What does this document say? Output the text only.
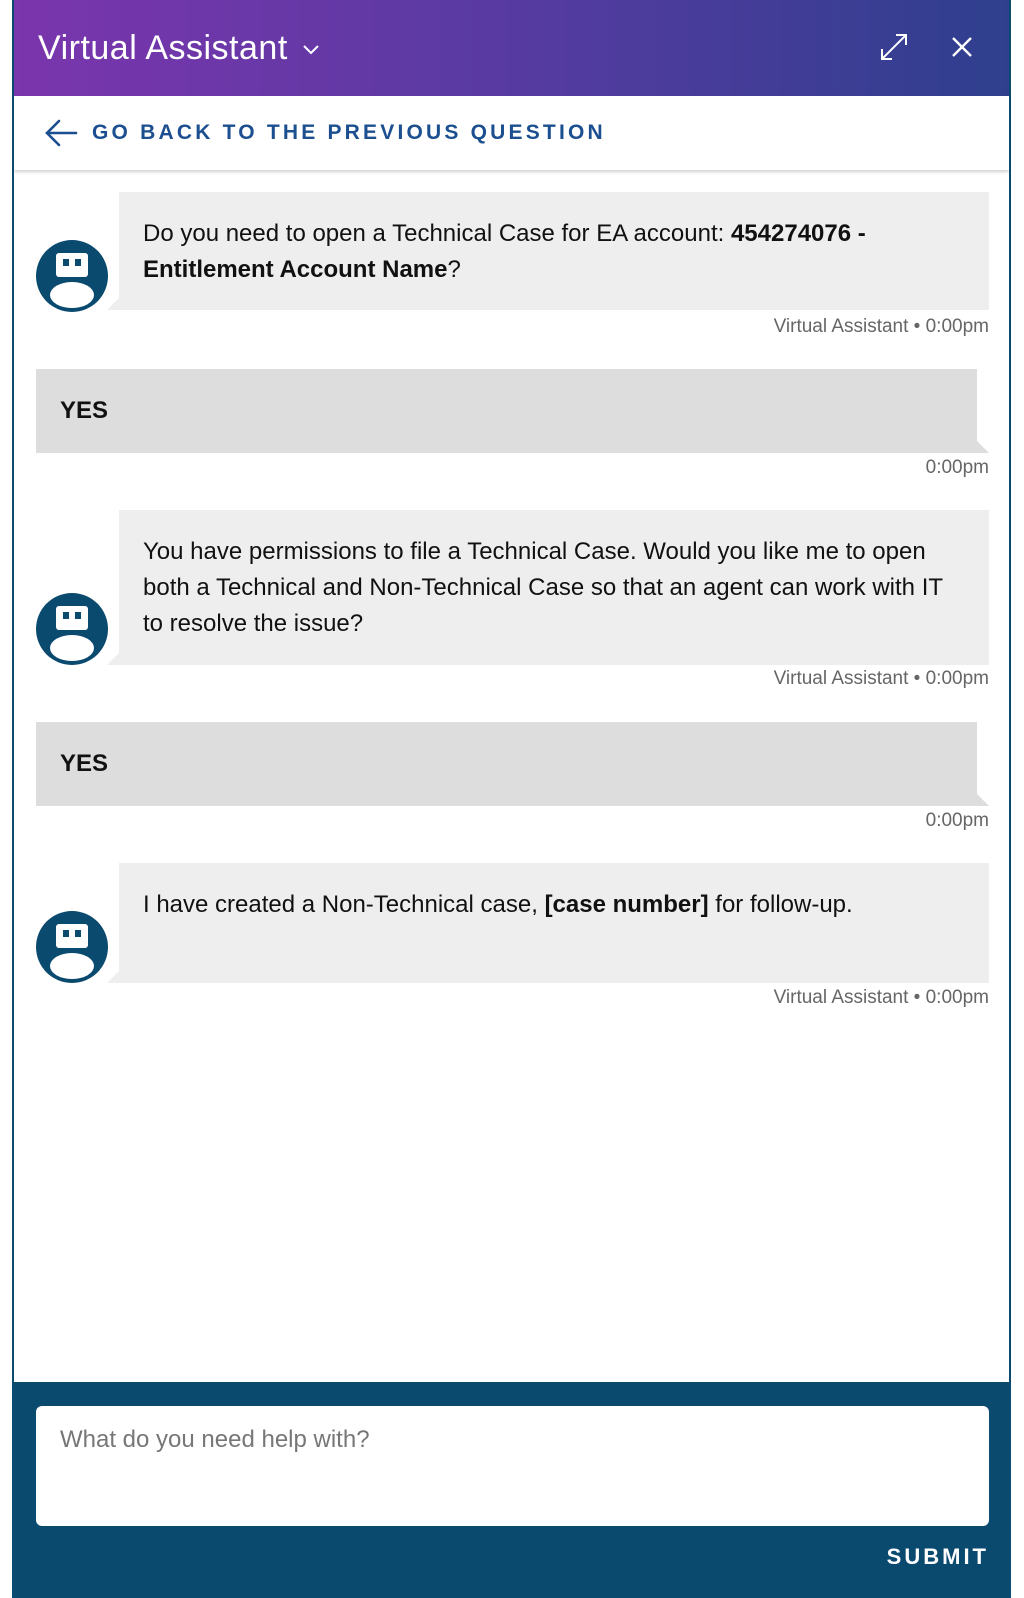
Virtual Assistant
GO BACK TO THE PREVIOUS QUESTION
Do you need to open a Technical Case for EA account: 454274076 - Entitlement Account Name?
Virtual Assistant • 0:00pm
YES
0:00pm
You have permissions to file a Technical Case. Would you like me to open both a Technical and Non-Technical Case so that an agent can work with IT to resolve the issue?
Virtual Assistant • 0:00pm
YES
0:00pm
I have created a Non-Technical case, [case number] for follow-up.
Virtual Assistant • 0:00pm
What do you need help with?
SUBMIT
